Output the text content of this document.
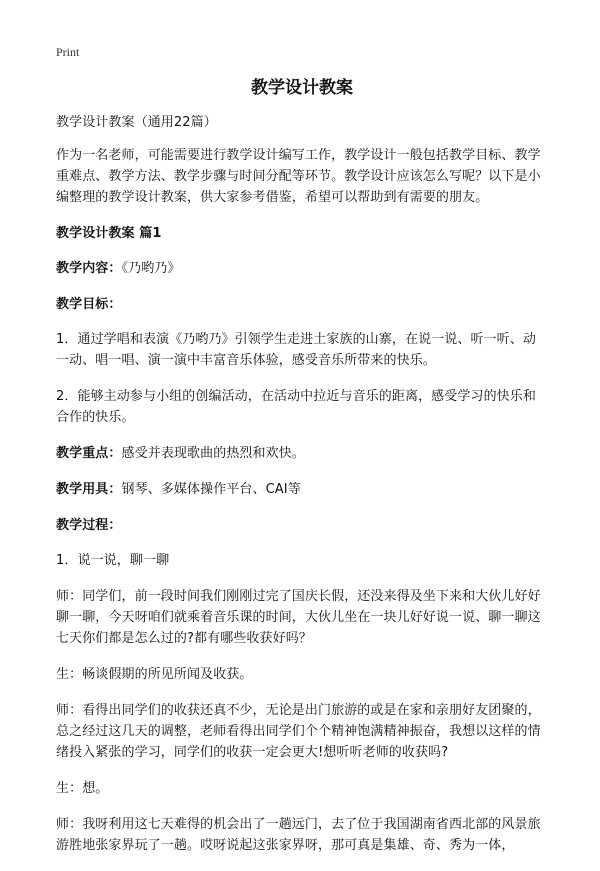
Print
教学设计教案

教学设计教案（通用22篇）

作为一名老师，可能需要进行教学设计编写工作，教学设计一般包括教学目标、教学重难点、教学方法、教学步骤与时间分配等环节。教学设计应该怎么写呢？以下是小编整理的教学设计教案，供大家参考借鉴，希望可以帮助到有需要的朋友。

教学设计教案 篇1

教学内容：《乃哟乃》

教学目标：

1．通过学唱和表演《乃哟乃》引领学生走进土家族的山寨，在说一说、听一听、动一动、唱一唱、演一演中丰富音乐体验，感受音乐所带来的快乐。

2．能够主动参与小组的创编活动，在活动中拉近与音乐的距离，感受学习的快乐和合作的快乐。

教学重点：感受并表现歌曲的热烈和欢快。

教学用具：钢琴、多媒体操作平台、CAI等

教学过程：

1．说一说，聊一聊

师：同学们，前一段时间我们刚刚过完了国庆长假，还没来得及坐下来和大伙儿好好聊一聊，今天呀咱们就乘着音乐课的时间，大伙儿坐在一块儿好好说一说、聊一聊这七天你们都是怎么过的?都有哪些收获好吗？

生：畅谈假期的所见所闻及收获。

师：看得出同学们的收获还真不少，无论是出门旅游的或是在家和亲朋好友团聚的，总之经过这几天的调整，老师看得出同学们个个精神饱满精神振奋，我想以这样的情绪投入紧张的学习，同学们的收获一定会更大!想听听老师的收获吗?

生：想。

师：我呀利用这七天难得的机会出了一趟远门，去了位于我国湖南省西北部的风景旅游胜地张家界玩了一趟。哎呀说起这张家界呀，那可真是集雄、奇、秀为一体，
